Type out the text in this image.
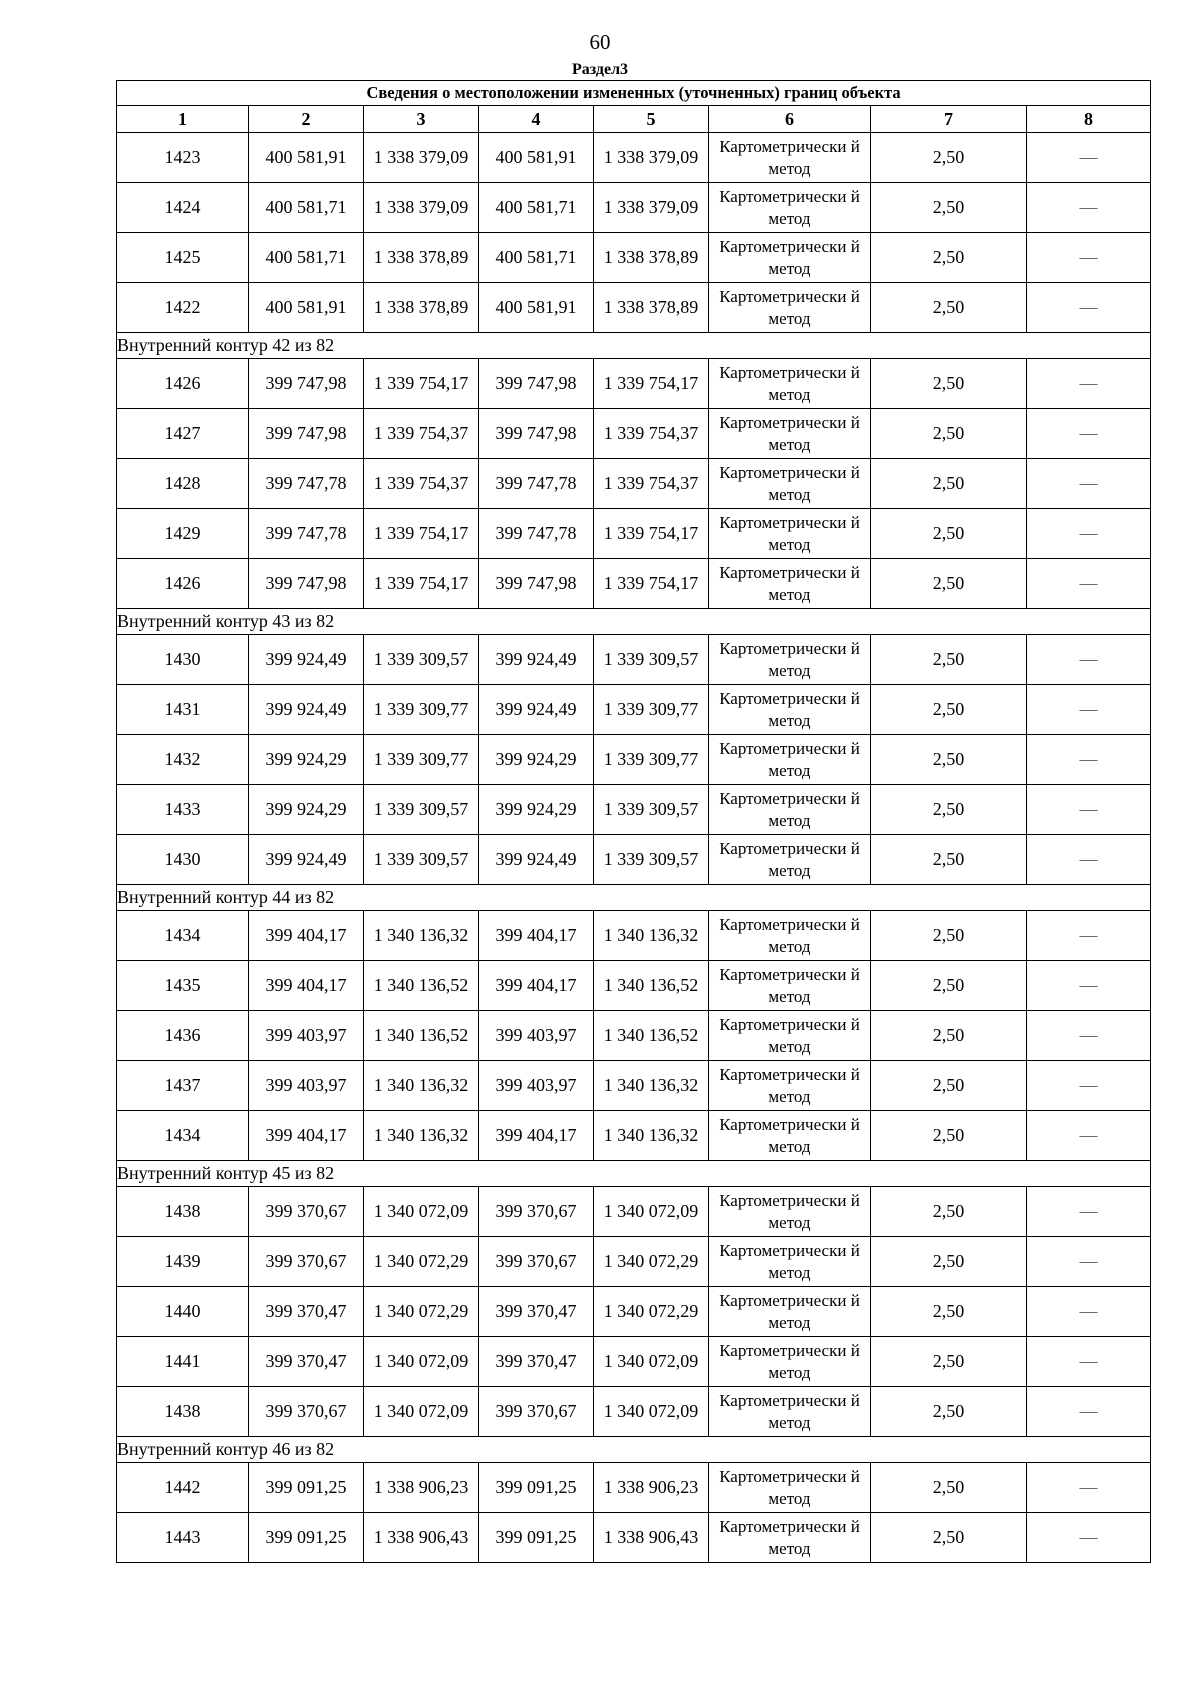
60
Раздел3
Сведения о местоположении измененных (уточненных) границ объекта							
1	2	3	4	5	6	7	8
1423	400 581,91	1 338 379,09	400 581,91	1 338 379,09	Картометрически й метод	2,50	—
1424	400 581,71	1 338 379,09	400 581,71	1 338 379,09	Картометрически й метод	2,50	—
1425	400 581,71	1 338 378,89	400 581,71	1 338 378,89	Картометрически й метод	2,50	—
1422	400 581,91	1 338 378,89	400 581,91	1 338 378,89	Картометрически й метод	2,50	—
Внутренний контур 42 из 82							
1426	399 747,98	1 339 754,17	399 747,98	1 339 754,17	Картометрически й метод	2,50	—
1427	399 747,98	1 339 754,37	399 747,98	1 339 754,37	Картометрически й метод	2,50	—
1428	399 747,78	1 339 754,37	399 747,78	1 339 754,37	Картометрически й метод	2,50	—
1429	399 747,78	1 339 754,17	399 747,78	1 339 754,17	Картометрически й метод	2,50	—
1426	399 747,98	1 339 754,17	399 747,98	1 339 754,17	Картометрически й метод	2,50	—
Внутренний контур 43 из 82							
1430	399 924,49	1 339 309,57	399 924,49	1 339 309,57	Картометрически й метод	2,50	—
1431	399 924,49	1 339 309,77	399 924,49	1 339 309,77	Картометрически й метод	2,50	—
1432	399 924,29	1 339 309,77	399 924,29	1 339 309,77	Картометрически й метод	2,50	—
1433	399 924,29	1 339 309,57	399 924,29	1 339 309,57	Картометрически й метод	2,50	—
1430	399 924,49	1 339 309,57	399 924,49	1 339 309,57	Картометрически й метод	2,50	—
Внутренний контур 44 из 82							
1434	399 404,17	1 340 136,32	399 404,17	1 340 136,32	Картометрически й метод	2,50	—
1435	399 404,17	1 340 136,52	399 404,17	1 340 136,52	Картометрически й метод	2,50	—
1436	399 403,97	1 340 136,52	399 403,97	1 340 136,52	Картометрически й метод	2,50	—
1437	399 403,97	1 340 136,32	399 403,97	1 340 136,32	Картометрически й метод	2,50	—
1434	399 404,17	1 340 136,32	399 404,17	1 340 136,32	Картометрически й метод	2,50	—
Внутренний контур 45 из 82							
1438	399 370,67	1 340 072,09	399 370,67	1 340 072,09	Картометрически й метод	2,50	—
1439	399 370,67	1 340 072,29	399 370,67	1 340 072,29	Картометрически й метод	2,50	—
1440	399 370,47	1 340 072,29	399 370,47	1 340 072,29	Картометрически й метод	2,50	—
1441	399 370,47	1 340 072,09	399 370,47	1 340 072,09	Картометрически й метод	2,50	—
1438	399 370,67	1 340 072,09	399 370,67	1 340 072,09	Картометрически й метод	2,50	—
Внутренний контур 46 из 82							
1442	399 091,25	1 338 906,23	399 091,25	1 338 906,23	Картометрически й метод	2,50	—
1443	399 091,25	1 338 906,43	399 091,25	1 338 906,43	Картометрически й метод	2,50	—
